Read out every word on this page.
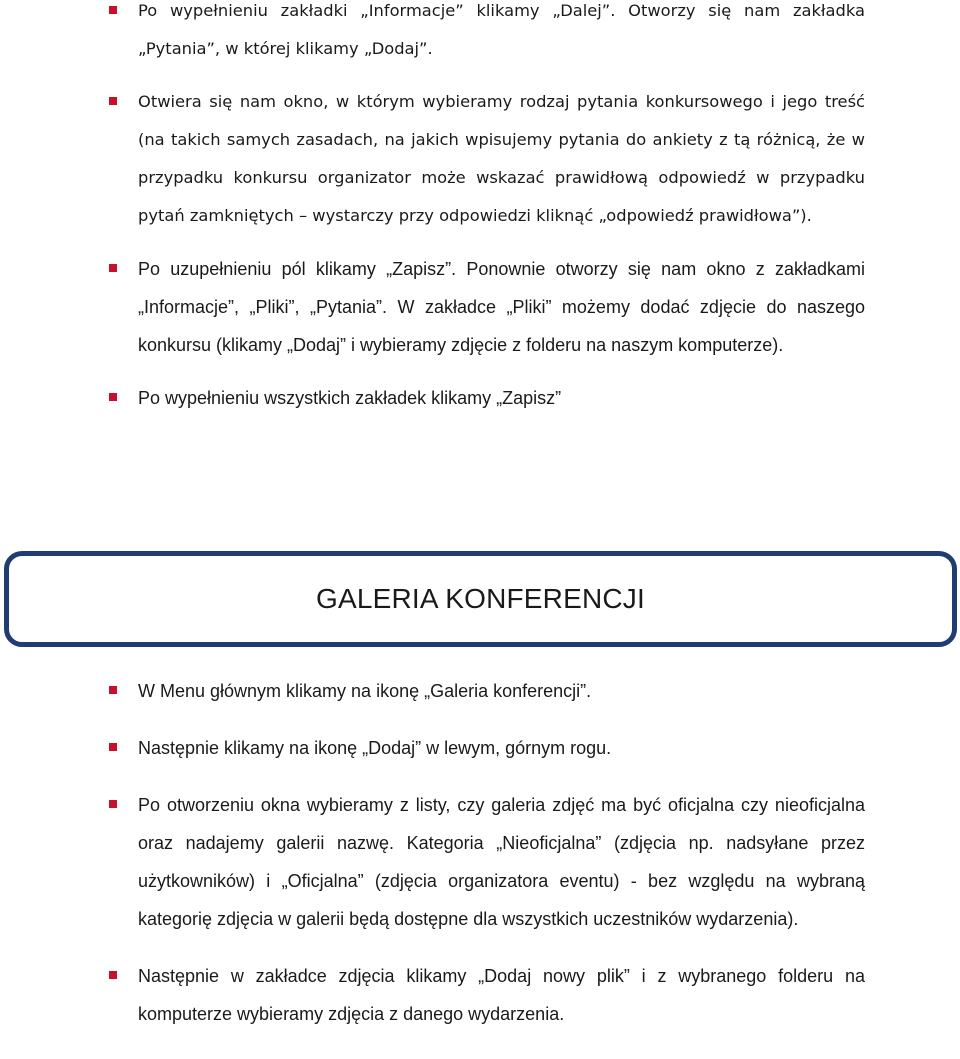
Po wypełnieniu zakładki „Informacje” klikamy „Dalej”. Otworzy się nam zakładka „Pytania”, w której klikamy „Dodaj”.
Otwiera się nam okno, w którym wybieramy rodzaj pytania konkursowego i jego treść (na takich samych zasadach, na jakich wpisujemy pytania do ankiety z tą różnicą, że w przypadku konkursu organizator może wskazać prawidłową odpowiedź w przypadku pytań zamkniętych – wystarczy przy odpowiedzi kliknąć „odpowiedź prawidłowa”).
Po uzupełnieniu pól klikamy „Zapisz”. Ponownie otworzy się nam okno z zakładkami „Informacje”, „Pliki”, „Pytania”. W zakładce „Pliki” możemy dodać zdjęcie do naszego konkursu (klikamy „Dodaj” i wybieramy zdjęcie z folderu na naszym komputerze).
Po wypełnieniu wszystkich zakładek klikamy „Zapisz”
GALERIA KONFERENCJI
W Menu głównym klikamy na ikonę „Galeria konferencji”.
Następnie klikamy na ikonę „Dodaj” w lewym, górnym rogu.
Po otworzeniu okna wybieramy z listy, czy galeria zdjęć ma być oficjalna czy nieoficjalna oraz nadajemy galerii nazwę. Kategoria „Nieoficjalna” (zdjęcia np. nadsyłane przez użytkowników) i „Oficjalna” (zdjęcia organizatora eventu) - bez względu na wybraną kategorię zdjęcia w galerii będą dostępne dla wszystkich uczestników wydarzenia).
Następnie w zakładce zdjęcia klikamy „Dodaj nowy plik” i z wybranego folderu na komputerze wybieramy zdjęcia z danego wydarzenia.
